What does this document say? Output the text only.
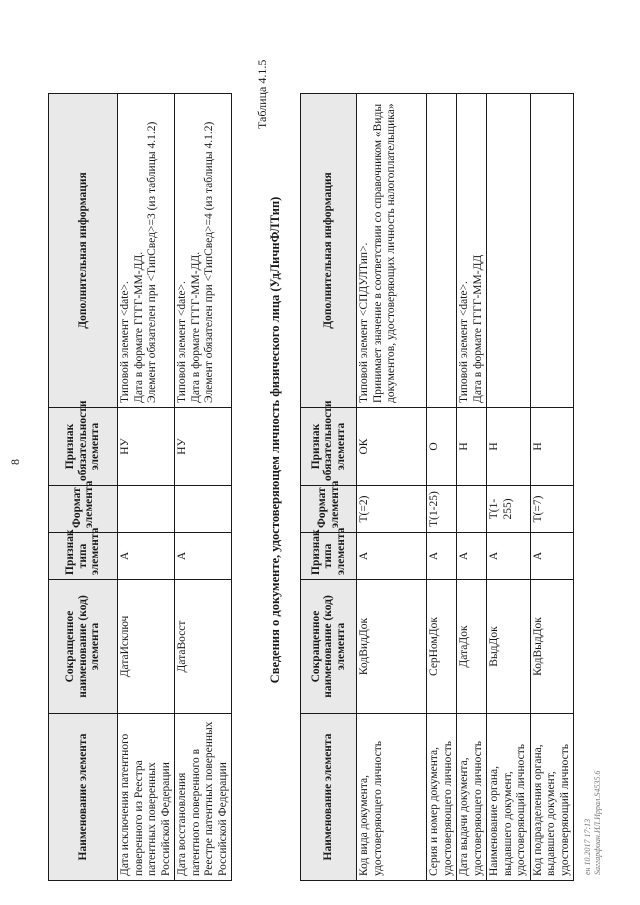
8
Наименование элемента	Сокращенное наименование (код) элемента	Признак типа элемента	Формат элемента	Признак обязательности элемента	Дополнительная информация
Дата исключения патентного поверенного из Реестра патентных поверенных Российской Федерации	ДатаИсключ	А		НУ	Типовой элемент <date>. Дата в формате ГГГГ-ММ-ДД. Элемент обязателен при <ТипСвед>=3 (из таблицы 4.1.2)

Дата восстановления патентного поверенного в Реестре патентных поверенных Российской Федерации	ДатаВосст	А		НУ	Типовой элемент <date>. Дата в формате ГГГГ-ММ-ДД. Элемент обязателен при <ТипСвед>=4 (из таблицы 4.1.2)
Таблица 4.1.5
Сведения о документе, удостоверяющем личность физического лица (УдЛичнФЛТип)
Наименование элемента	Сокращенное наименование (код) элемента	Признак типа элемента	Формат элемента	Признак обязательности элемента	Дополнительная информация
Код вида документа, удостоверяющего личность	КодВидДок	А	T(=2)	ОК	Типовой элемент <СПДУЛТип>. Принимает значение в соответствии со справочником «Виды документов, удостоверяющих личность налогоплательщика»

Серия и номер документа, удостоверяющего личность	СерНомДок	А	T(1-25)	О	
Дата выдачи документа, удостоверяющего личность	ДатаДок	А		Н	Типовой элемент <date>. Дата в формате ГГГГ-ММ-ДД

Наименование органа, выдавшего документ, удостоверяющий личность	ВыдДок	А	T(1-255)	Н	
Код подразделения органа, выдавшего документ, удостоверяющий личность	КодВыдДок	А	T(=7)	Н	
ен 10.2017 17:13 Ѕаггарфиан.ИЛ.Иррал.Ѕ4535.6
